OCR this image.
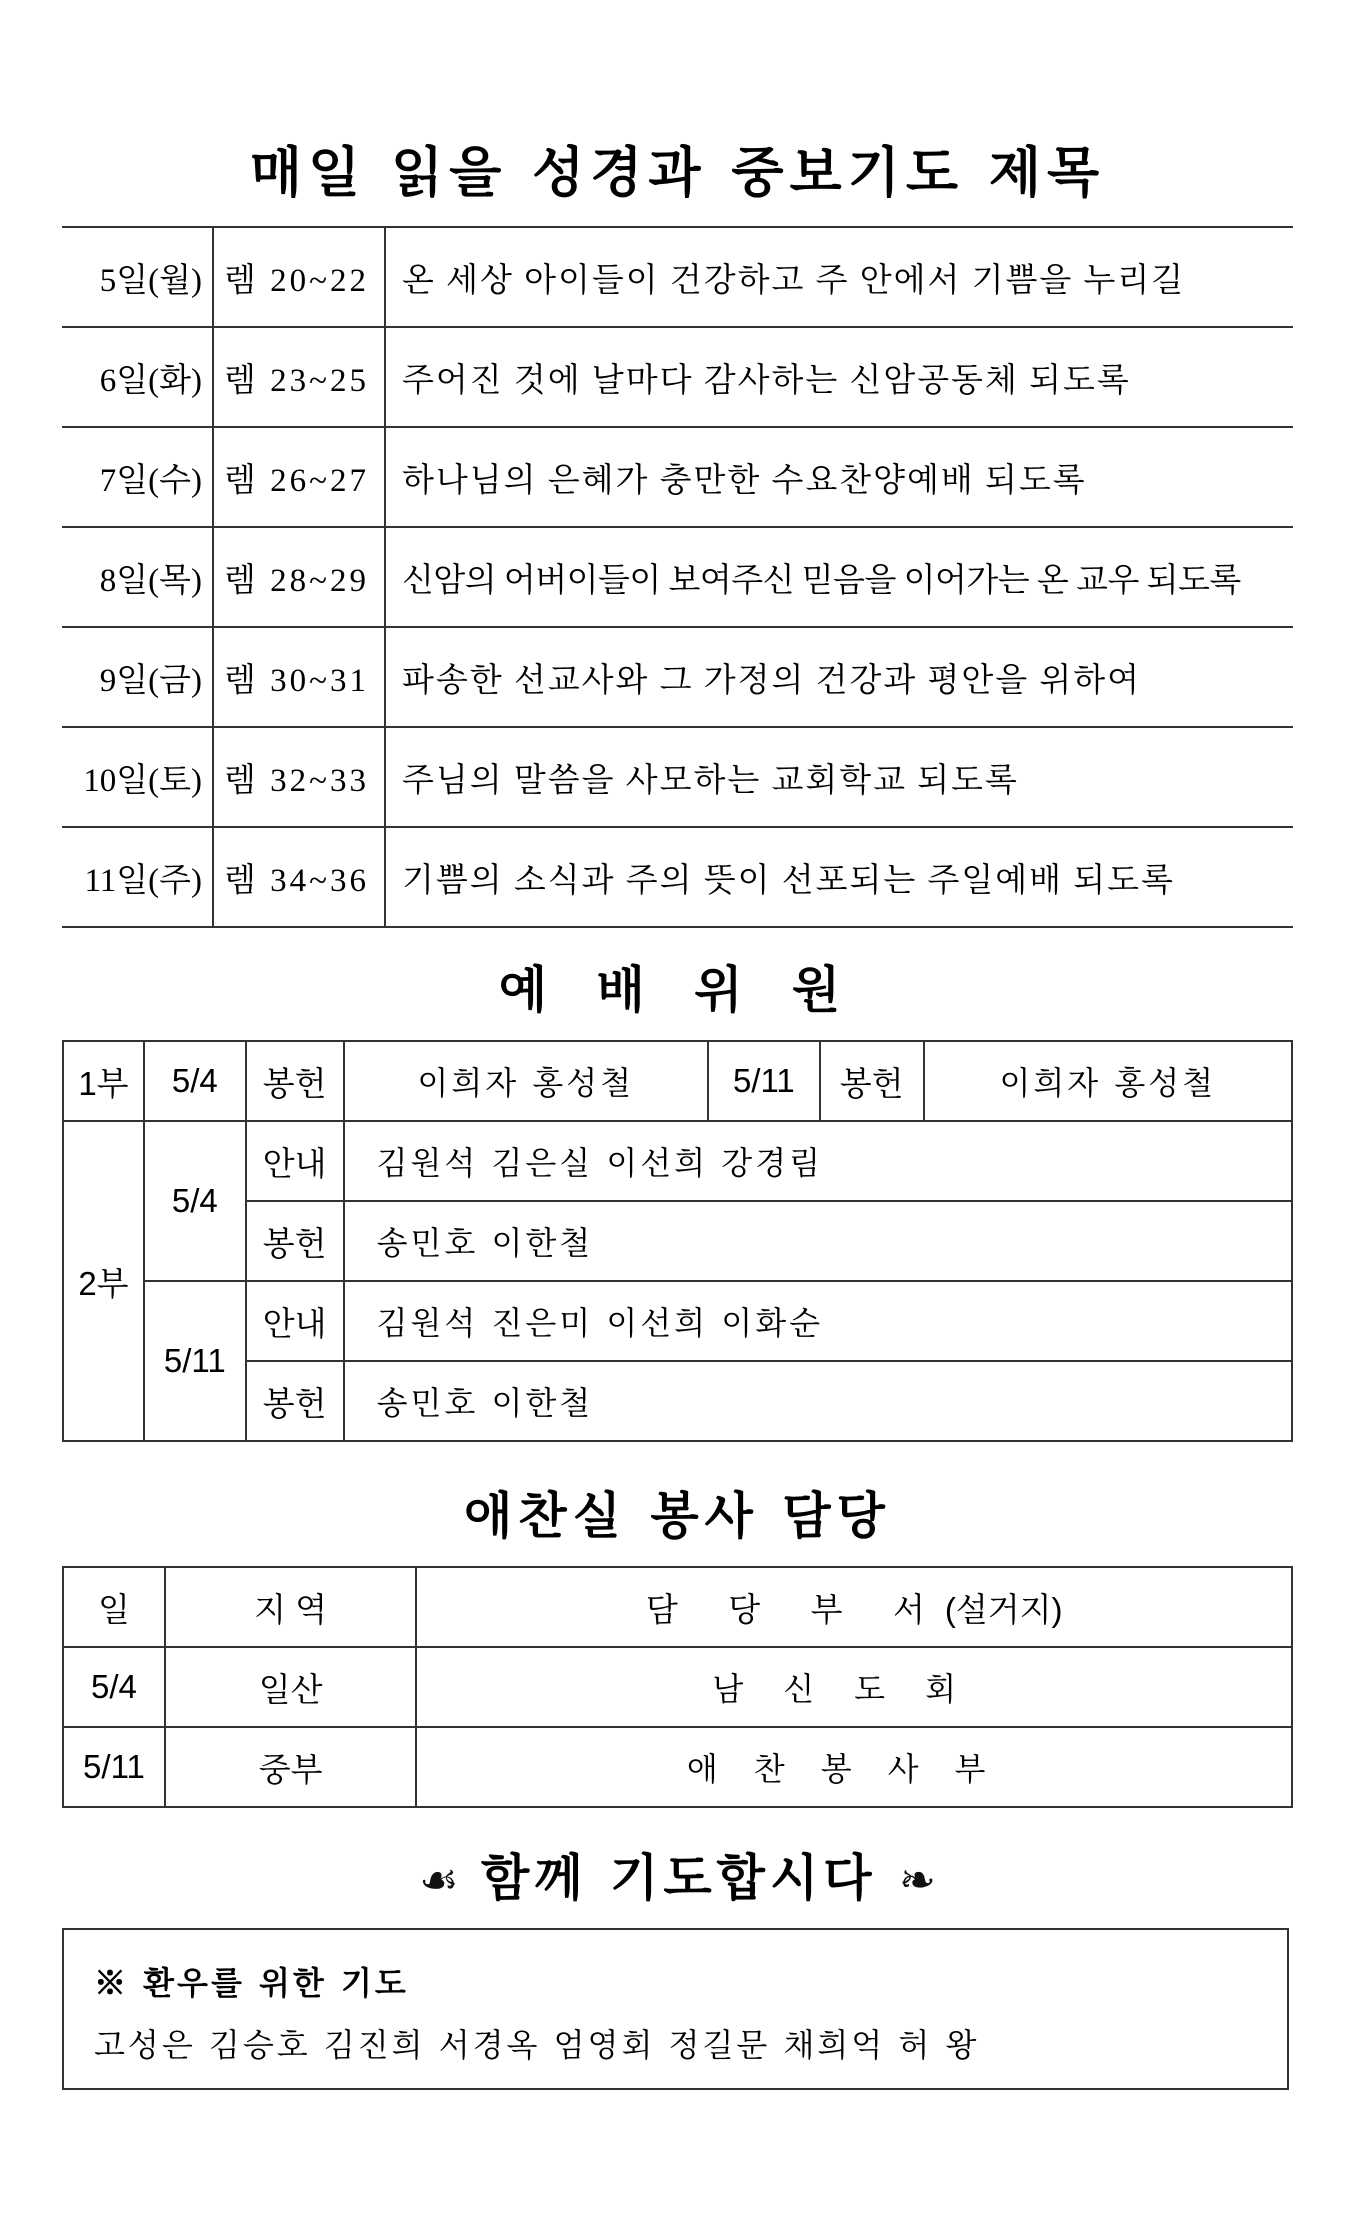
매일 읽을 성경과 중보기도 제목
5일(월)	렘 20~22	온 세상 아이들이 건강하고 주 안에서 기쁨을 누리길
6일(화)	렘 23~25	주어진 것에 날마다 감사하는 신암공동체 되도록
7일(수)	렘 26~27	하나님의 은혜가 충만한 수요찬양예배 되도록
8일(목)	렘 28~29	신암의 어버이들이 보여주신 믿음을 이어가는 온 교우 되도록
9일(금)	렘 30~31	파송한 선교사와 그 가정의 건강과 평안을 위하여
10일(토)	렘 32~33	주님의 말씀을 사모하는 교회학교 되도록
11일(주)	렘 34~36	기쁨의 소식과 주의 뜻이 선포되는 주일예배 되도록
예 배 위 원
1부	5/4	봉헌	이희자 홍성철	5/11	봉헌	이희자 홍성철
2부	5/4	안내	김원석 김은실 이선희 강경림			
		봉헌	송민호 이한철			
	5/11	안내	김원석 진은미 이선희 이화순			
		봉헌	송민호 이한철			
애찬실 봉사 담당
일	지 역	담 당 부 서(설거지)
5/4	일산	남신도회
5/11	중부	애찬봉사부
☙ 함께 기도합시다 ❧
※ 환우를 위한 기도
고성은 김승호 김진희 서경옥 엄영회 정길문 채희억 허 왕
